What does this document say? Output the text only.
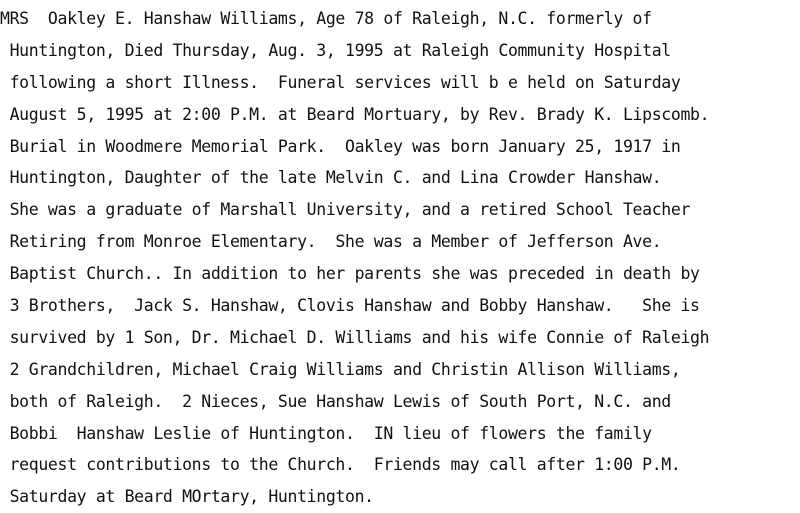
MRS  Oakley E. Hanshaw Williams, Age 78 of Raleigh, N.C. formerly of
Huntington, Died Thursday, Aug. 3, 1995 at Raleigh Community Hospital
following a short Illness.  Funeral services will b e held on Saturday
August 5, 1995 at 2:00 P.M. at Beard Mortuary, by Rev. Brady K. Lipscomb.
Burial in Woodmere Memorial Park.  Oakley was born January 25, 1917 in
Huntington, Daughter of the late Melvin C. and Lina Crowder Hanshaw.
She was a graduate of Marshall University, and a retired School Teacher
Retiring from Monroe Elementary.  She was a Member of Jefferson Ave.
Baptist Church.. In addition to her parents she was preceded in death by
3 Brothers,  Jack S. Hanshaw, Clovis Hanshaw and Bobby Hanshaw.   She is
survived by 1 Son, Dr. Michael D. Williams and his wife Connie of Raleigh
2 Grandchildren, Michael Craig Williams and Christin Allison Williams,
both of Raleigh.  2 Nieces, Sue Hanshaw Lewis of South Port, N.C. and
Bobbi  Hanshaw Leslie of Huntington.  IN lieu of flowers the family
request contributions to the Church.  Friends may call after 1:00 P.M.
Saturday at Beard MOrtary, Huntington.
